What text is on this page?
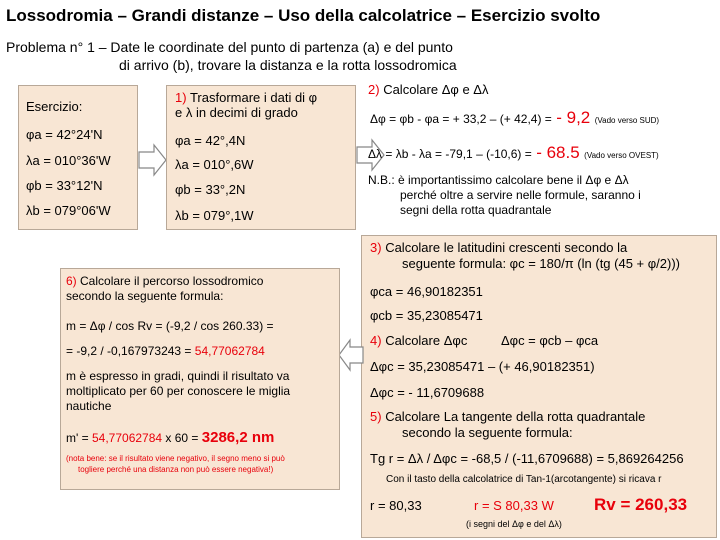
Lossodromia – Grandi distanze – Uso della calcolatrice – Esercizio svolto
Problema n° 1 – Date le coordinate del punto di partenza (a) e del punto
di arrivo (b), trovare la distanza e la rotta lossodromica
Esercizio:
φa = 42°24'N
λa = 010°36'W
φb = 33°12'N
λb = 079°06'W
1) Trasformare i dati di φ
e λ in decimi di grado
φa = 42°,4N
λa = 010°,6W
φb = 33°,2N
λb = 079°,1W
2) Calcolare Δφ e Δλ
Δφ = φb - φa = + 33,2 – (+ 42,4) = - 9,2 (Vado verso SUD)
Δλ = λb - λa = -79,1 – (-10,6) = - 68.5 (Vado verso OVEST)
N.B.: è importantissimo calcolare bene il Δφ e Δλ
perché oltre a servire nelle formule, saranno i
segni della rotta quadrantale
3) Calcolare le latitudini crescenti secondo la
seguente formula: φc = 180/π (ln (tg (45 + φ/2)))
φca = 46,90182351
φcb = 35,23085471
4) Calcolare Δφc	Δφc = φcb – φca
Δφc = 35,23085471 – (+ 46,90182351)
Δφc = - 11,6709688
5) Calcolare La tangente della rotta quadrantale
secondo la seguente formula:
Tg r = Δλ / Δφc = -68,5 / (-11,6709688) = 5,869264256
Con il tasto della calcolatrice di Tan-1(arcotangente) si ricava r
r = 80,33	r = S 80,33 W Rv = 260,33
(i segni del Δφ e del Δλ)
6) Calcolare il percorso lossodromico
secondo la seguente formula:
m = Δφ / cos Rv = (-9,2 / cos 260.33) =
= -9,2 / -0,167973243 = 54,77062784
m è espresso in gradi, quindi il risultato va
moltiplicato per 60 per conoscere le miglia
nautiche
m' = 54,77062784 x 60 = 3286,2 nm
(nota bene: se il risultato viene negativo, il segno meno si può
togliere perché una distanza non può essere negativa!)
